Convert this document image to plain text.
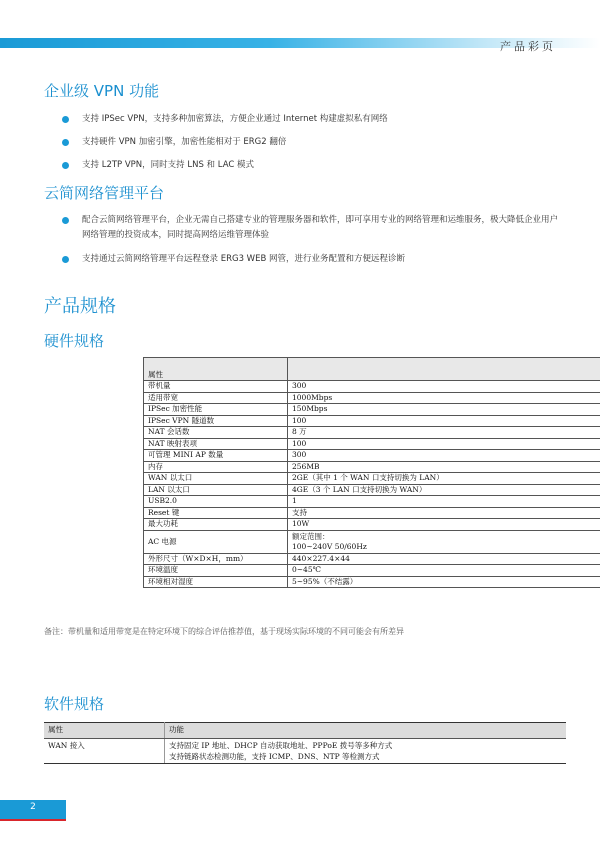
产品彩页
企业级 VPN 功能
支持 IPSec VPN，支持多种加密算法，方便企业通过 Internet 构建虚拟私有网络
支持硬件 VPN 加密引擎，加密性能相对于 ERG2 翻倍
支持 L2TP VPN，同时支持 LNS 和 LAC 模式
云简网络管理平台
配合云简网络管理平台，企业无需自己搭建专业的管理服务器和软件，即可享用专业的网络管理和运维服务，极大降低企业用户网络管理的投资成本，同时提高网络运维管理体验
支持通过云简网络管理平台远程登录 ERG3 WEB 网管，进行业务配置和方便远程诊断
产品规格
硬件规格
属性	
带机量	300
适用带宽	1000Mbps
IPSec 加密性能	150Mbps
IPSec VPN 隧道数	100
NAT 会话数	8 万
NAT 映射表项	100
可管理 MINI AP 数量	300
内存	256MB
WAN 以太口	2GE（其中 1 个 WAN 口支持切换为 LAN）
LAN 以太口	4GE（3 个 LAN 口支持切换为 WAN）
USB2.0	1
Reset 键	支持
最大功耗	10W
AC 电源	额定范围：
100~240V 50/60Hz
外形尺寸（W×D×H，mm）	440×227.4×44
环境温度	0~45℃
环境相对湿度	5~95%（不结露）
备注：带机量和适用带宽是在特定环境下的综合评估推荐值，基于现场实际环境的不同可能会有所差异
软件规格
属性	功能
WAN 接入	支持固定 IP 地址、DHCP 自动获取地址、PPPoE 拨号等多种方式
支持链路状态检测功能，支持 ICMP、DNS、NTP 等检测方式
2
